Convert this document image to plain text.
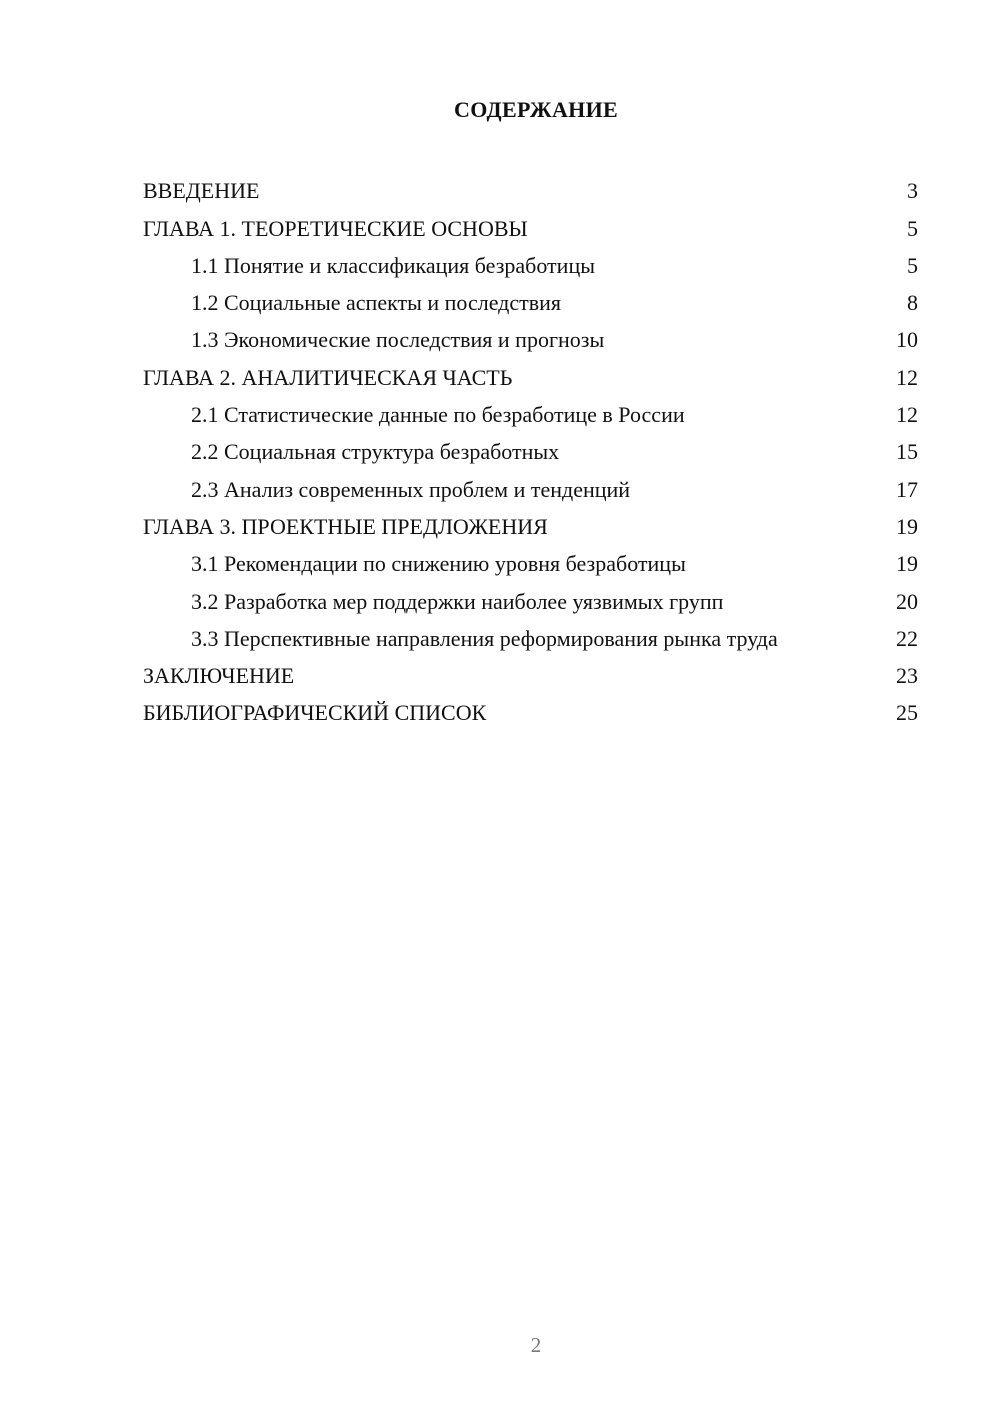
СОДЕРЖАНИЕ
ВВЕДЕНИЕ	3
ГЛАВА 1. ТЕОРЕТИЧЕСКИЕ ОСНОВЫ	5
1.1 Понятие и классификация безработицы	5
1.2 Социальные аспекты и последствия	8
1.3 Экономические последствия и прогнозы	10
ГЛАВА 2. АНАЛИТИЧЕСКАЯ ЧАСТЬ	12
2.1 Статистические данные по безработице в России	12
2.2 Социальная структура безработных	15
2.3 Анализ современных проблем и тенденций	17
ГЛАВА 3. ПРОЕКТНЫЕ ПРЕДЛОЖЕНИЯ	19
3.1 Рекомендации по снижению уровня безработицы	19
3.2 Разработка мер поддержки наиболее уязвимых групп	20
3.3 Перспективные направления реформирования рынка труда	22
ЗАКЛЮЧЕНИЕ	23
БИБЛИОГРАФИЧЕСКИЙ СПИСОК	25
2
